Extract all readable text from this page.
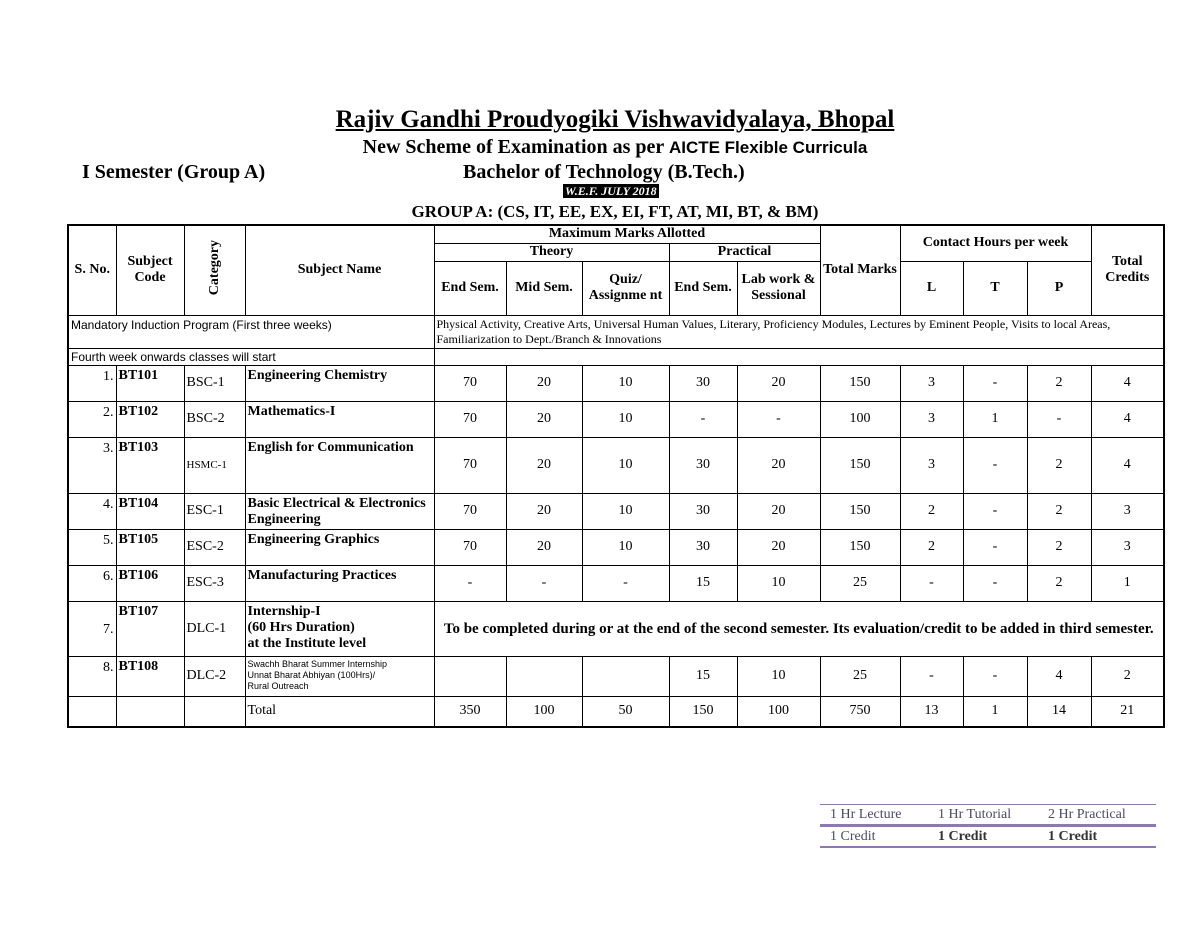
Rajiv Gandhi Proudyogiki Vishwavidyalaya, Bhopal
New Scheme of Examination as per AICTE Flexible Curricula
I Semester (Group A)	Bachelor of Technology (B.Tech.)
W.E.F. JULY 2018
GROUP A: (CS, IT, EE, EX, EI, FT, AT, MI, BT, & BM)
S. No.	Subject Code	Category	Subject Name	Maximum Marks Allotted					Total Marks	Contact Hours per week			Total Credits
				Theory			Practical						
				End Sem.	Mid Sem.	Quiz/ Assignme nt	End Sem.	Lab work & Sessional		L	T	P	
Mandatory Induction Program (First three weeks)				Physical Activity, Creative Arts, Universal Human Values, Literary, Proficiency Modules, Lectures by Eminent People, Visits to local Areas, Familiarization to Dept./Branch & Innovations									
Fourth week onwards classes will start													
1.	BT101	BSC-1	Engineering Chemistry	70	20	10	30	20	150	3	-	2	4
2.	BT102	BSC-2	Mathematics-I	70	20	10	-	-	100	3	1	-	4
3.	BT103	HSMC-1	English for Communication	70	20	10	30	20	150	3	-	2	4
4.	BT104	ESC-1	Basic Electrical & Electronics Engineering	70	20	10	30	20	150	2	-	2	3
5.	BT105	ESC-2	Engineering Graphics	70	20	10	30	20	150	2	-	2	3
6.	BT106	ESC-3	Manufacturing Practices	-	-	-	15	10	25	-	-	2	1
7.	BT107	DLC-1	Internship-I
(60 Hrs Duration)
at the Institute level	To be completed during or at the end of the second semester. Its evaluation/credit to be added in third semester.									
8.	BT108	DLC-2	Swachh Bharat Summer Internship
Unnat Bharat Abhiyan (100Hrs)/
Rural Outreach				15	10	25	-	-	4	2
			Total	350	100	50	150	100	750	13	1	14	21
1 Hr Lecture	1 Hr Tutorial	2 Hr Practical
1 Credit	1 Credit	1 Credit
